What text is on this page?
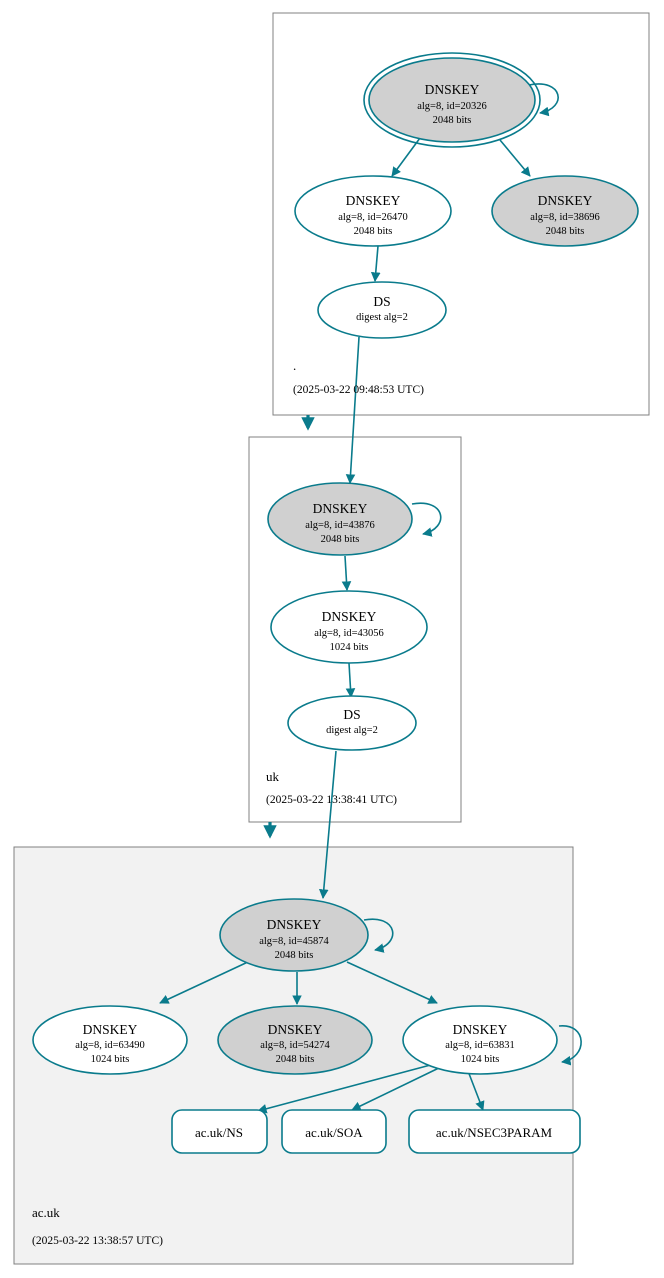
DNSKEY
alg=8, id=20326
2048 bits
DNSKEY
alg=8, id=26470
2048 bits
DNSKEY
alg=8, id=38696
2048 bits
DS
digest alg=2
.
(2025-03-22 09:48:53 UTC)
DNSKEY
alg=8, id=43876
2048 bits
DNSKEY
alg=8, id=43056
1024 bits
DS
digest alg=2
uk
(2025-03-22 13:38:41 UTC)
DNSKEY
alg=8, id=45874
2048 bits
DNSKEY
alg=8, id=63490
1024 bits
DNSKEY
alg=8, id=54274
2048 bits
DNSKEY
alg=8, id=63831
1024 bits
ac.uk/NS	ac.uk/SOA	ac.uk/NSEC3PARAM
ac.uk
(2025-03-22 13:38:57 UTC)
